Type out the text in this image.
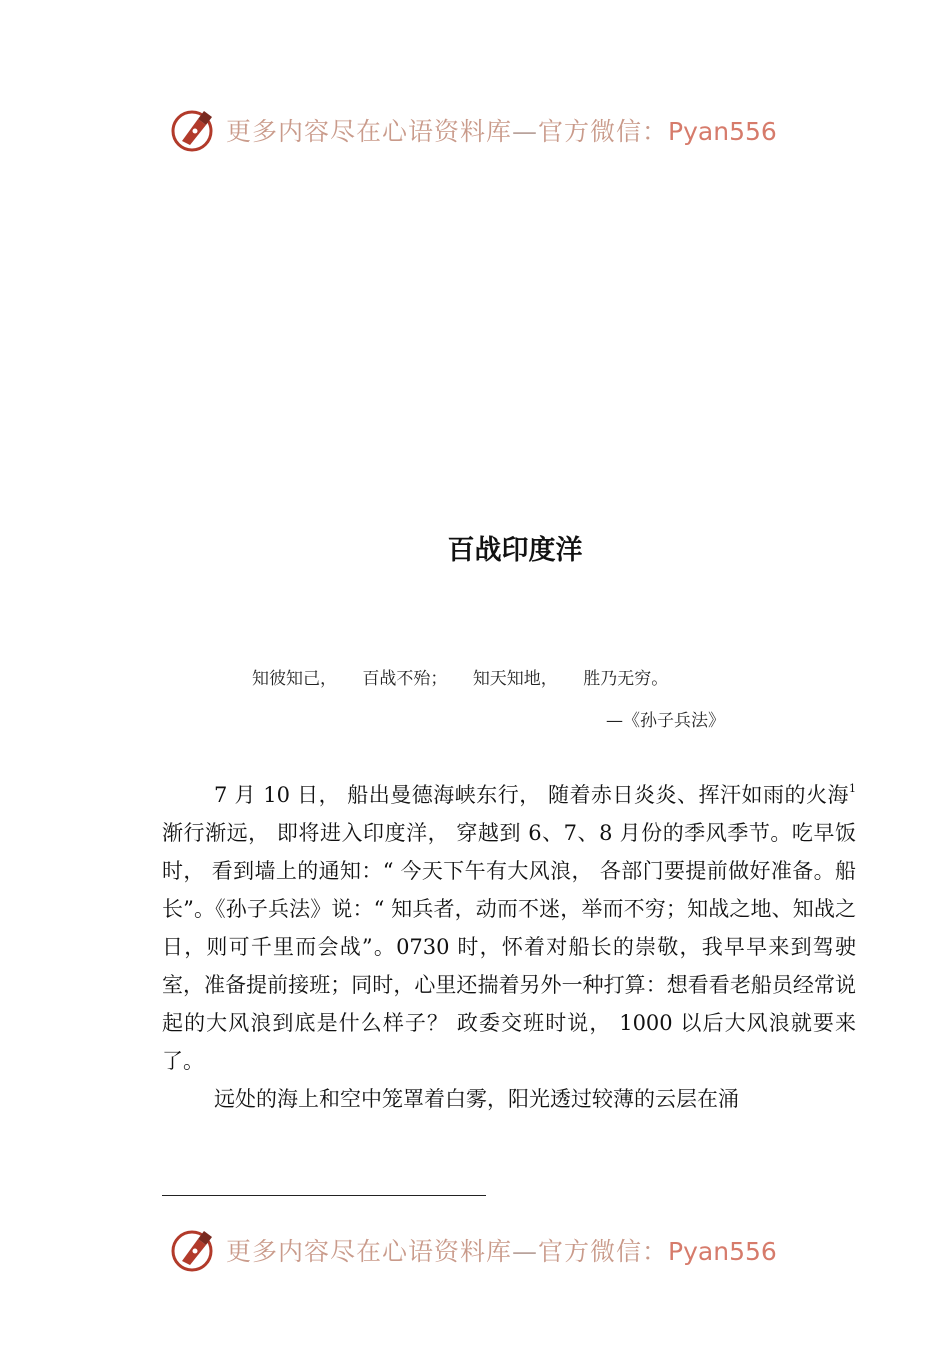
更多内容尽在心语资料库—官方微信：Pyan556
百战印度洋
知彼知己， 百战不殆； 知天知地， 胜乃无穷。
—《孙子兵法》

7 月 10 日， 船出曼德海峡东行， 随着赤日炎炎、挥汗如雨的火海$^1$渐行渐远， 即将进入印度洋， 穿越到 6、7、8 月份的季风季节。吃早饭时， 看到墙上的通知：“ 今天下午有大风浪， 各部门要提前做好准备。船长”。《孙子兵法》说：“ 知兵者，动而不迷，举而不穷；知战之地、知战之日，则可千里而会战”。0730 时，怀着对船长的崇敬，我早早来到驾驶室，准备提前接班；同时，心里还揣着另外一种打算：想看看老船员经常说起的大风浪到底是什么样子？ 政委交班时说， 1000 以后大风浪就要来了。

远处的海上和空中笼罩着白雾，阳光透过较薄的云层在涌

更多内容尽在心语资料库—官方微信：Pyan556
